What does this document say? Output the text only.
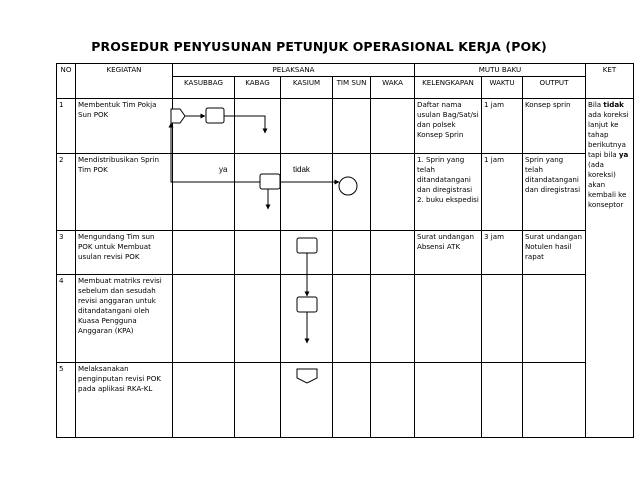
PROSEDUR PENYUSUNAN PETUNJUK OPERASIONAL KERJA (POK)
NO	KEGIATAN	PELAKSANA					MUTU BAKU			KET
		KASUBBAG	KABAG	KASIUM	TIM SUN	WAKA	KELENGKAPAN	WAKTU	OUTPUT	
1	Membentuk Tim Pokja Sun POK						Daftar nama usulan Bag/Sat/si dan polsek Konsep Sprin	1 jam	Konsep sprin	Bila tidak ada koreksi lanjut ke tahap berikutnya tapi bila ya (ada koreksi) akan kembali ke konseptor
2	Mendistribusikan Sprin Tim POK						1. Sprin yang telah ditandatangani dan diregistrasi 2. buku ekspedisi	1 jam	Sprin yang telah ditandatangani dan diregistrasi	
3	Mengundang Tim sun POK untuk Membuat usulan revisi POK						Surat undangan Absensi ATK	3 jam	Surat undangan Notulen hasil rapat	
4	Membuat matriks revisi sebelum dan sesudah revisi anggaran untuk ditandatangani oleh Kuasa Pengguna Anggaran (KPA)									
5	Melaksanakan penginputan revisi POK pada aplikasi RKA-KL									
ya	tidak
